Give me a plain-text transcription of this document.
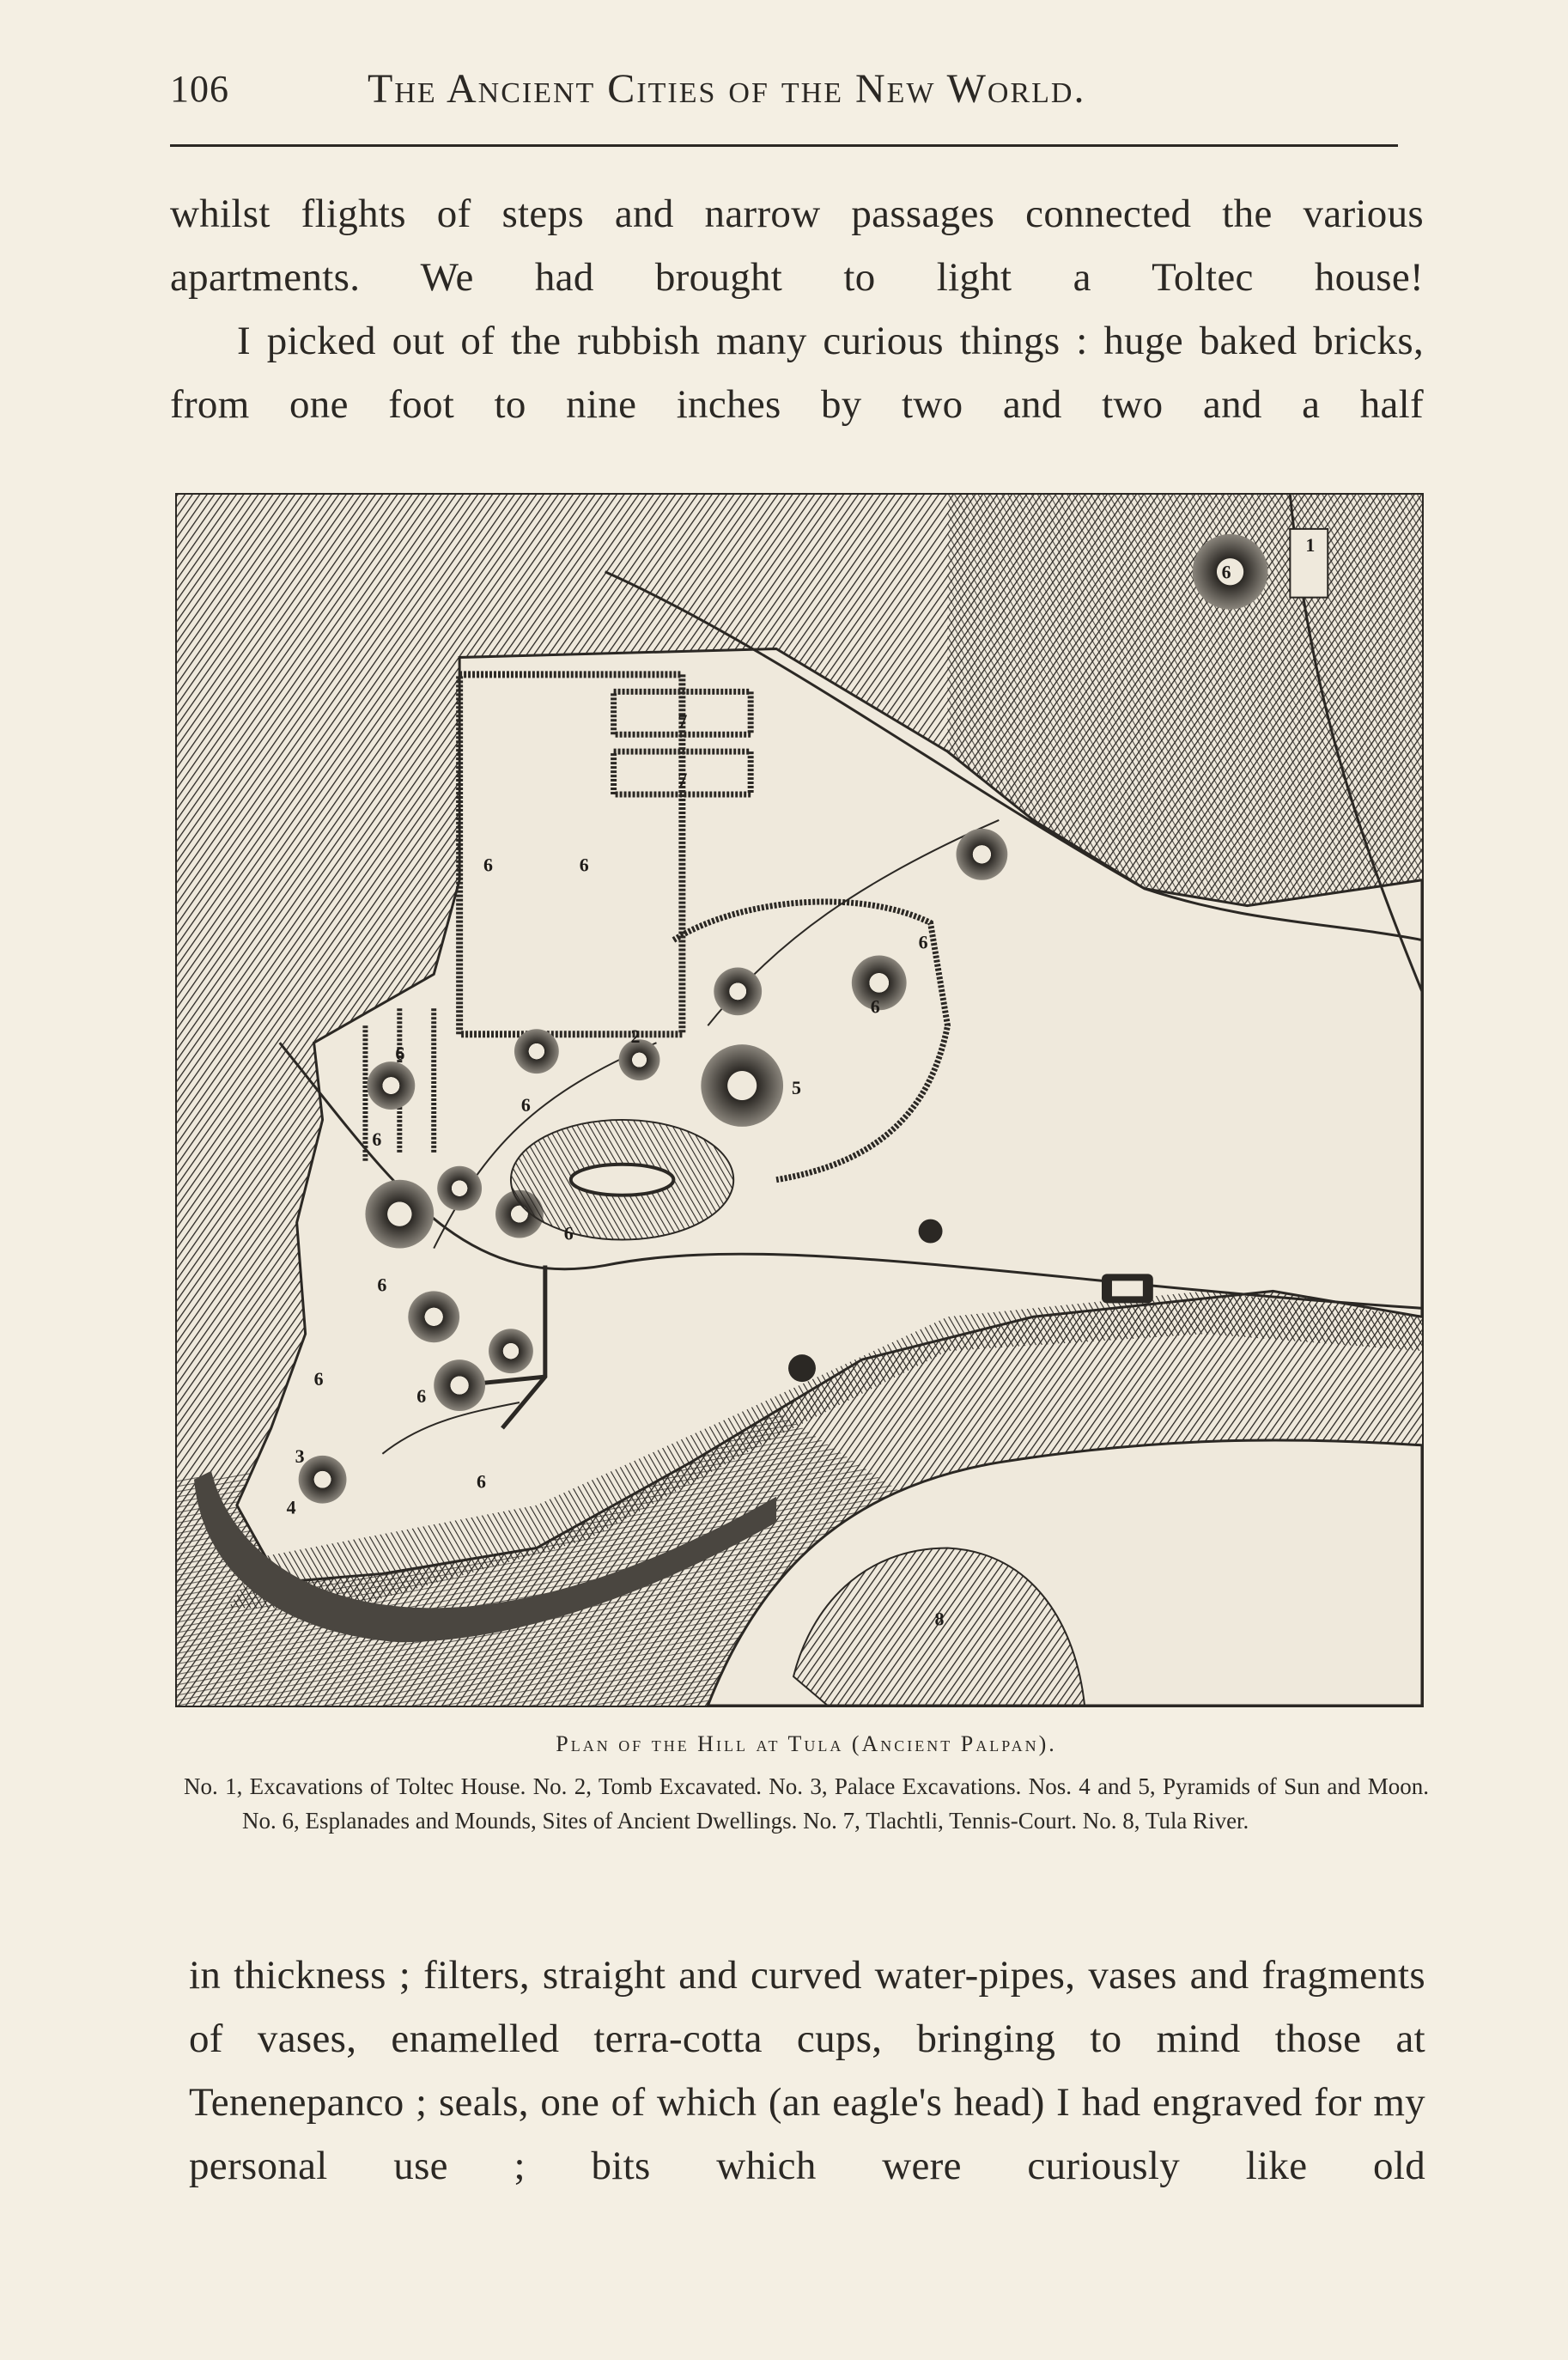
106	The Ancient Cities of the New World.

whilst flights of steps and narrow passages connected the various apartments. We had brought to light a Toltec house!

I picked out of the rubbish many curious things : huge baked bricks, from one foot to nine inches by two and two and a half

1
2
3
4
5
6	6
6
6
6
6
6
6
6
6
6
6
6
7
7
8
Plan of the Hill at Tula (Ancient Palpan).

No. 1, Excavations of Toltec House. No. 2, Tomb Excavated. No. 3, Palace Excavations. Nos. 4 and 5, Pyramids of Sun and Moon. No. 6, Esplanades and Mounds, Sites of Ancient Dwellings. No. 7, Tlachtli, Tennis-Court. No. 8, Tula River.

in thickness ; filters, straight and curved water-pipes, vases and fragments of vases, enamelled terra-cotta cups, bringing to mind those at Tenenepanco ; seals, one of which (an eagle's head) I had engraved for my personal use ; bits which were curiously like old
